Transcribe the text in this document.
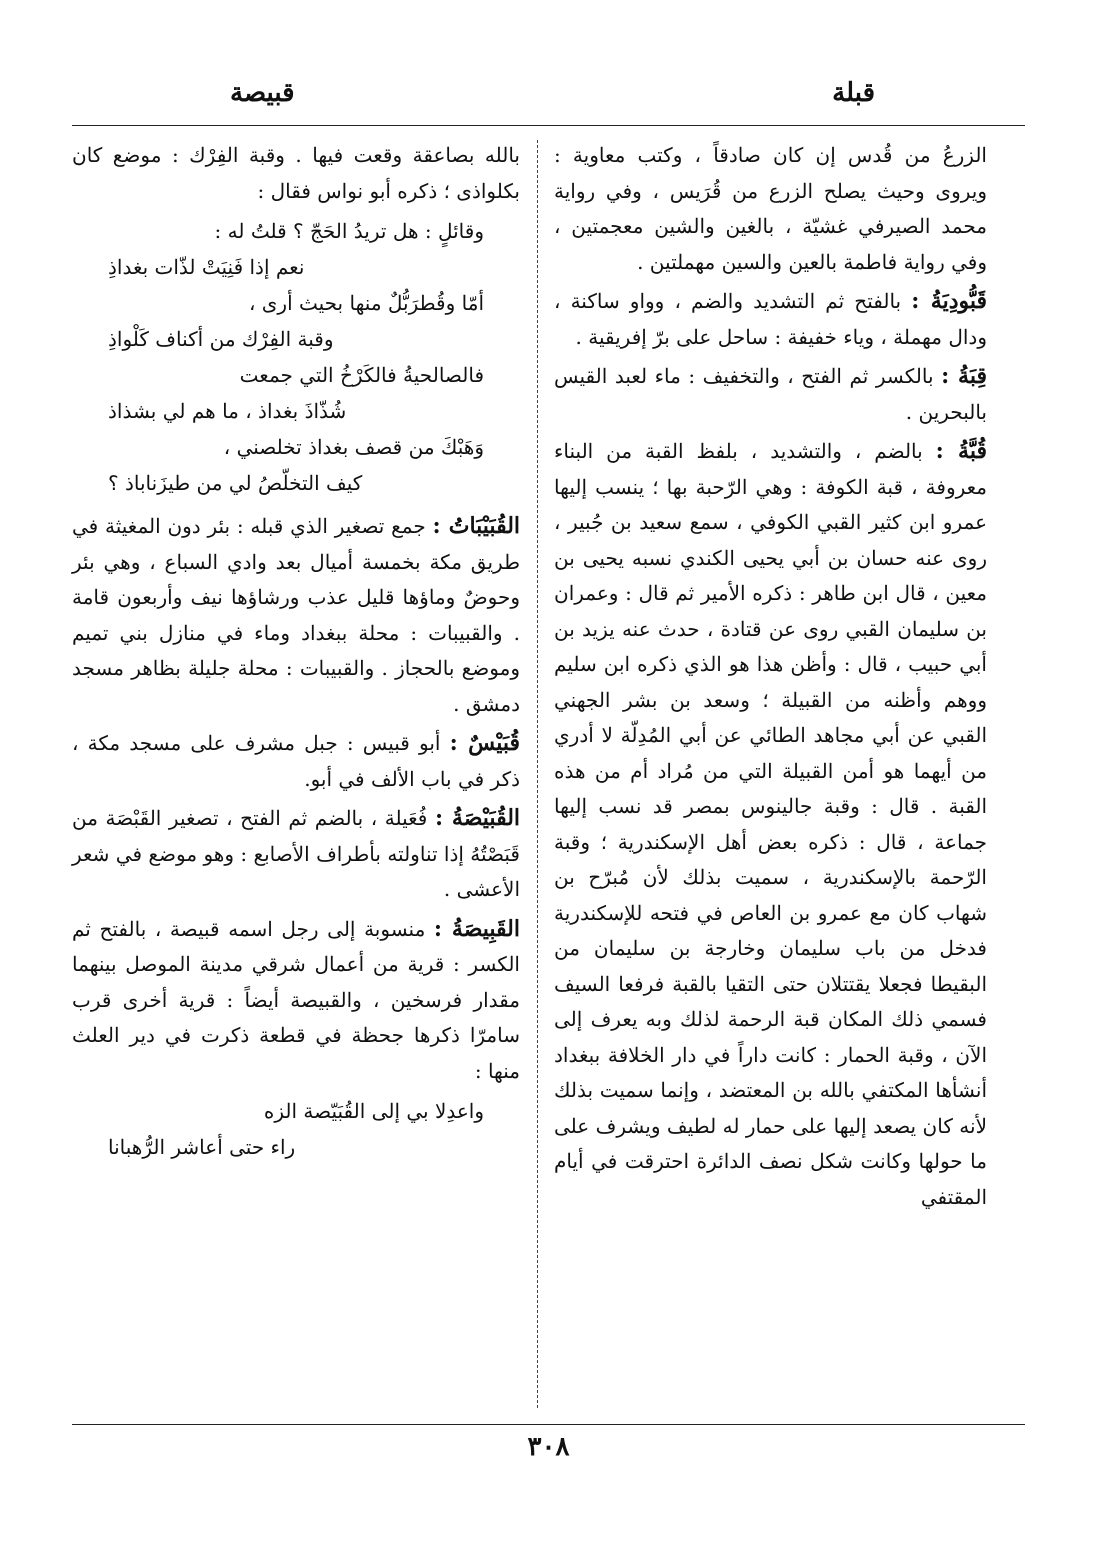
قبلة
قبيصة

الزرعُ من قُدس إن كان صادقاً ، وكتب معاوية : ويروى وحيث يصلح الزرع من قُرَيس ، وفي رواية محمد الصيرفي غشيّة ، بالغين والشين معجمتين ، وفي رواية فاطمة بالعين والسين مهملتين .

قَبُّودِيَةُ : بالفتح ثم التشديد والضم ، وواو ساكنة ، ودال مهملة ، وياء خفيفة : ساحل على برّ إفريقية .

قِبَةُ : بالكسر ثم الفتح ، والتخفيف : ماء لعبد القيس بالبحرين .

قُبَّةُ : بالضم ، والتشديد ، بلفظ القبة من البناء معروفة ، قبة الكوفة : وهي الرّحبة بها ؛ ينسب إليها عمرو ابن كثير القبي الكوفي ، سمع سعيد بن جُبير ، روى عنه حسان بن أبي يحيى الكندي نسبه يحيى بن معين ، قال ابن طاهر : ذكره الأمير ثم قال : وعمران بن سليمان القبي روى عن قتادة ، حدث عنه يزيد بن أبي حبيب ، قال : وأظن هذا هو الذي ذكره ابن سليم ووهم وأظنه من القبيلة ؛ وسعد بن بشر الجهني القبي عن أبي مجاهد الطائي عن أبي المُدِلّة لا أدري من أيهما هو أمن القبيلة التي من مُراد أم من هذه القبة . قال : وقبة جالينوس بمصر قد نسب إليها جماعة ، قال : ذكره بعض أهل الإسكندرية ؛ وقبة الرّحمة بالإسكندرية ، سميت بذلك لأن مُبرّح بن شهاب كان مع عمرو بن العاص في فتحه للإسكندرية فدخل من باب سليمان وخارجة بن سليمان من البقيطا فجعلا يقتتلان حتى التقيا بالقبة فرفعا السيف فسمي ذلك المكان قبة الرحمة لذلك وبه يعرف إلى الآن ، وقبة الحمار : كانت داراً في دار الخلافة ببغداد أنشأها المكتفي بالله بن المعتضد ، وإنما سميت بذلك لأنه كان يصعد إليها على حمار له لطيف ويشرف على ما حولها وكانت شكل نصف الدائرة احترقت في أيام المقتفي

بالله بصاعقة وقعت فيها . وقبة الفِرْك : موضع كان بكلواذى ؛ ذكره أبو نواس فقال :

وقائلٍ : هل تريدُ الحَجّ ؟ قلتُ له :
نعم إذا فَنِيَتْ لذّات بغداذِ
أمّا وقُطرَبُّلٌ منها بحيث أرى ،
وقبة الفِرْك من أكناف كَلْواذِ
فالصالحيةُ فالكَرْخُ التي جمعت
شُذّاذَ بغداذ ، ما هم لي بشذاذ
وَهَبْكَ من قصف بغداذ تخلصني ،
كيف التخلّصُ لي من طيزَناباذ ؟

القُبَيْبَاتُ : جمع تصغير الذي قبله : بئر دون المغيثة في طريق مكة بخمسة أميال بعد وادي السباع ، وهي بئر وحوضٌ وماؤها قليل عذب ورشاؤها نيف وأربعون قامة . والقبيبات : محلة ببغداد وماء في منازل بني تميم وموضع بالحجاز . والقبيبات : محلة جليلة بظاهر مسجد دمشق .

قُبَيْسٌ : أبو قبيس : جبل مشرف على مسجد مكة ، ذكر في باب الألف في أبو.

القُبَيْصَةُ : فُعَيلة ، بالضم ثم الفتح ، تصغير القَبْصَة من قَبَصْتُهُ إذا تناولته بأطراف الأصابع : وهو موضع في شعر الأعشى .

القَبِيصَةُ : منسوبة إلى رجل اسمه قبيصة ، بالفتح ثم الكسر : قرية من أعمال شرقي مدينة الموصل بينهما مقدار فرسخين ، والقبيصة أيضاً : قرية أخرى قرب سامرّا ذكرها جحظة في قطعة ذكرت في دير العلث منها :

واعدِلا بي إلى القُبَيّصة الزه
راء حتى أعاشر الرُّهبانا
٣٠٨
